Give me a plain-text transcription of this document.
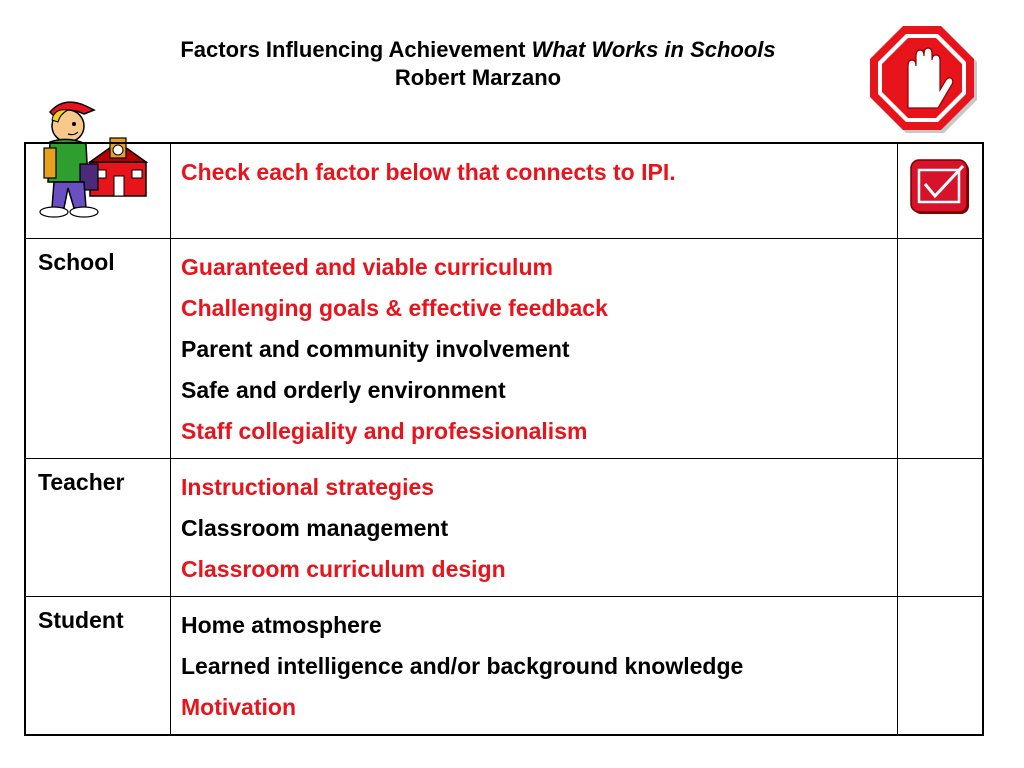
Factors Influencing Achievement What Works in Schools
Robert Marzano

	Check each factor below that connects to IPI.

School	Guaranteed and viable curriculum
Challenging goals & effective feedback
Parent and community involvement
Safe and orderly environment
Staff collegiality and professionalism	

Teacher	Instructional strategies
Classroom management
Classroom curriculum design	

Student	Home atmosphere
Learned intelligence and/or background knowledge
Motivation	
